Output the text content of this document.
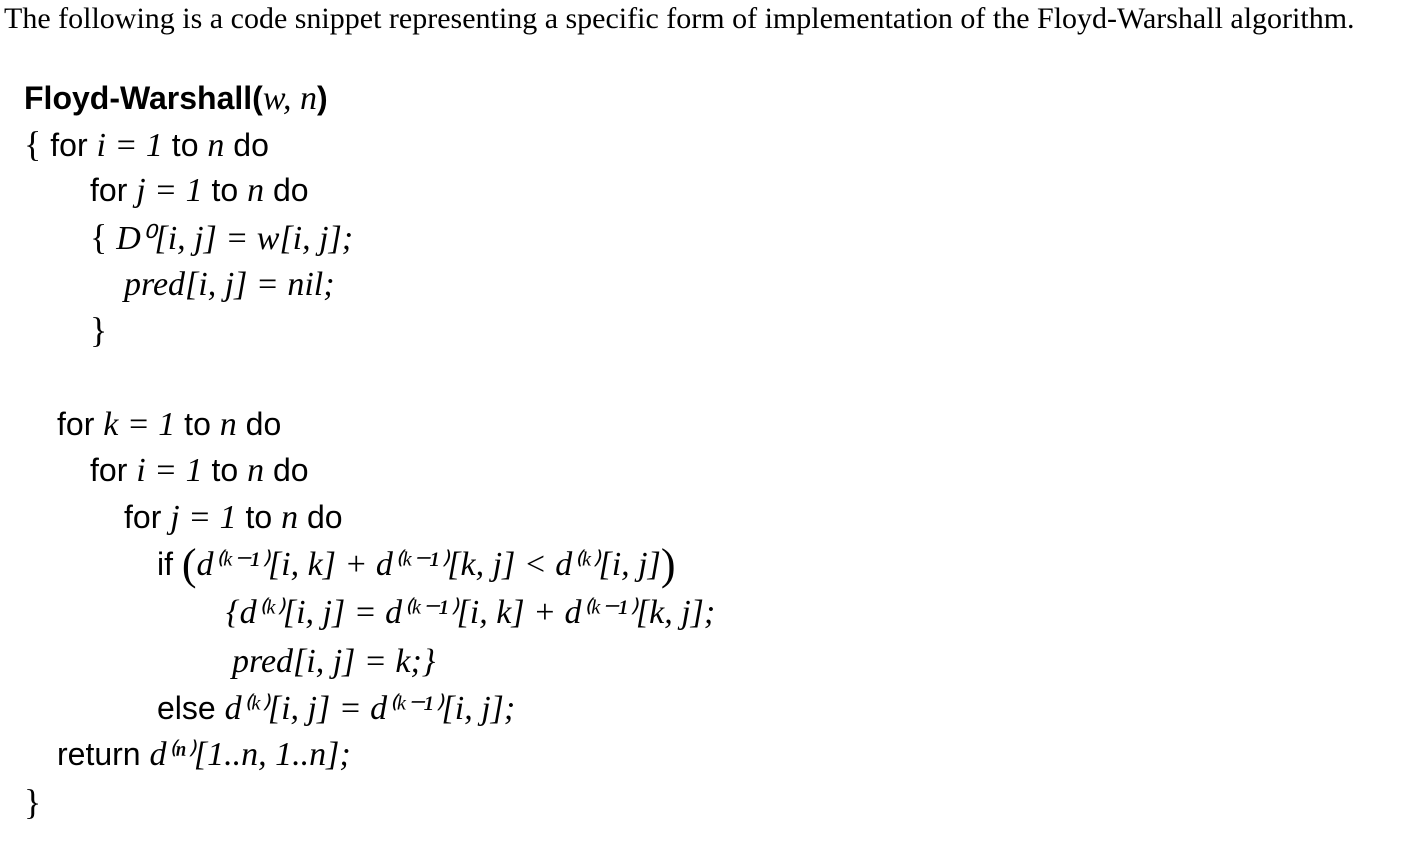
The following is a code snippet representing a specific form of implementation of the Floyd-Warshall algorithm.

Floyd-Warshall(w, n)
{ for i = 1 to n do
for j = 1 to n do
{ D⁰[i, j] = w[i, j];
pred[i, j] = nil;
}
for k = 1 to n do
for i = 1 to n do
for j = 1 to n do
if (d⁽ᵏ⁻¹⁾[i, k] + d⁽ᵏ⁻¹⁾[k, j] < d⁽ᵏ⁾[i, j])
{d⁽ᵏ⁾[i, j] = d⁽ᵏ⁻¹⁾[i, k] + d⁽ᵏ⁻¹⁾[k, j];
pred[i, j] = k;}
else d⁽ᵏ⁾[i, j] = d⁽ᵏ⁻¹⁾[i, j];
return d⁽ⁿ⁾[1..n, 1..n];
}
